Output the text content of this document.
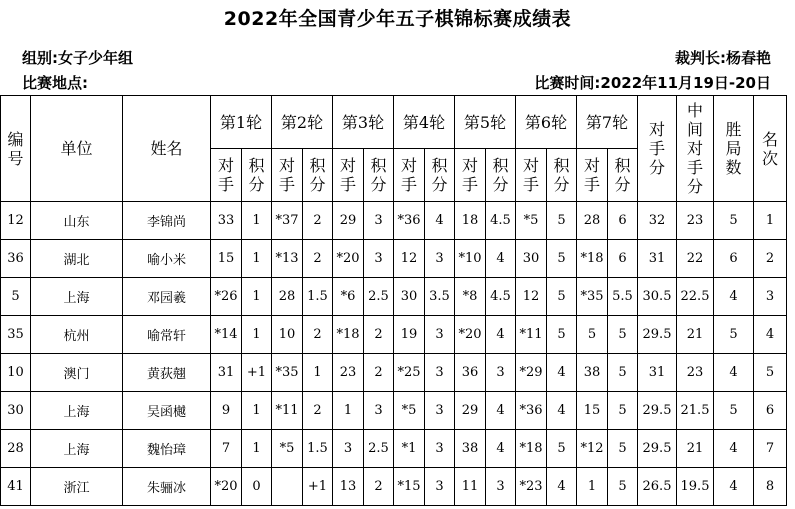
2022年全国青少年五子棋锦标赛成绩表
组别:女子少年组
比赛地点:
裁判长:杨春艳
比赛时间:2022年11月19日-20日
编号	单位	姓名	第1轮		第2轮		第3轮		第4轮		第5轮		第6轮		第7轮		对手分	中间对手分	胜局数	名次
			对手	积分	对手	积分	对手	积分	对手	积分	对手	积分	对手	积分	对手	积分				
12	山东	李锦尚	33	1	*37	2	29	3	*36	4	18	4.5	*5	5	28	6	32	23	5	1
36	湖北	喻小米	15	1	*13	2	*20	3	12	3	*10	4	30	5	*18	6	31	22	6	2
5	上海	邓园羲	*26	1	28	1.5	*6	2.5	30	3.5	*8	4.5	12	5	*35	5.5	30.5	22.5	4	3
35	杭州	喻常轩	*14	1	10	2	*18	2	19	3	*20	4	*11	5	5	5	29.5	21	5	4
10	澳门	黄荻翹	31	+1	*35	1	23	2	*25	3	36	3	*29	4	38	5	31	23	4	5
30	上海	吴函樾	9	1	*11	2	1	3	*5	3	29	4	*36	4	15	5	29.5	21.5	5	6
28	上海	魏怡璋	7	1	*5	1.5	3	2.5	*1	3	38	4	*18	5	*12	5	29.5	21	4	7
41	浙江	朱骊冰	*20	0		+1	13	2	*15	3	11	3	*23	4	1	5	26.5	19.5	4	8
